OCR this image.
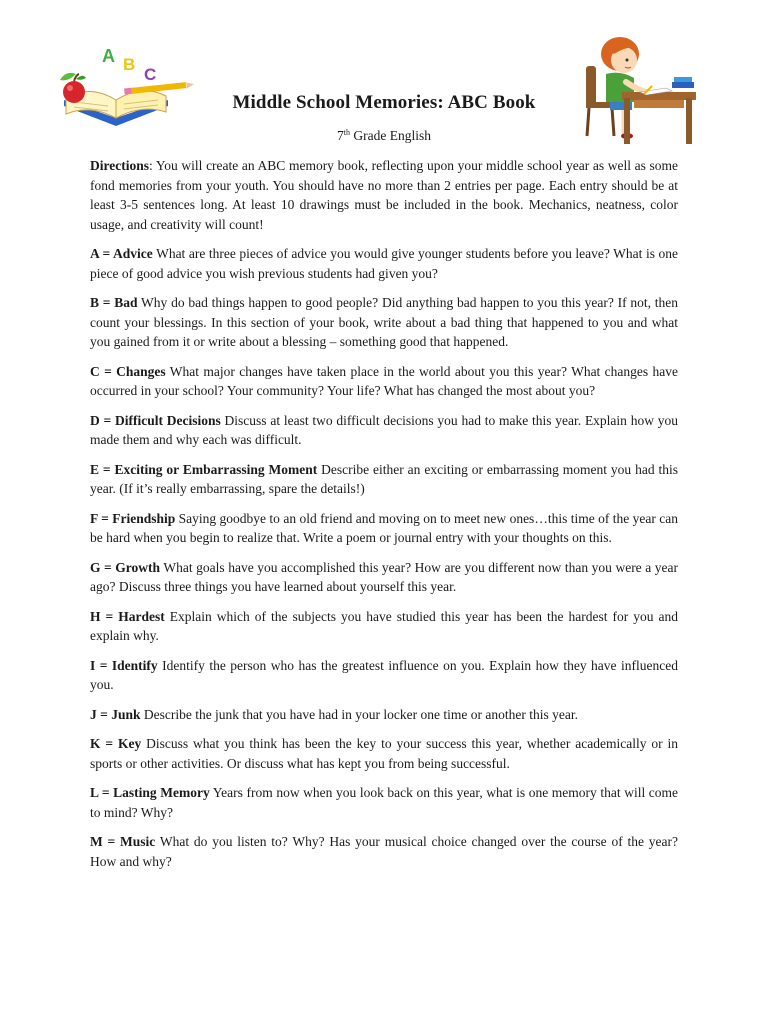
A B
C
Middle School Memories: ABC Book
7th Grade English

Directions: You will create an ABC memory book, reflecting upon your middle school year as well as some fond memories from your youth. You should have no more than 2 entries per page. Each entry should be at least 3-5 sentences long. At least 10 drawings must be included in the book. Mechanics, neatness, color usage, and creativity will count!

A = Advice What are three pieces of advice you would give younger students before you leave? What is one piece of good advice you wish previous students had given you?

B = Bad Why do bad things happen to good people? Did anything bad happen to you this year? If not, then count your blessings. In this section of your book, write about a bad thing that happened to you and what you gained from it or write about a blessing – something good that happened.

C = Changes What major changes have taken place in the world about you this year? What changes have occurred in your school? Your community? Your life? What has changed the most about you?

D = Difficult Decisions Discuss at least two difficult decisions you had to make this year. Explain how you made them and why each was difficult.

E = Exciting or Embarrassing Moment Describe either an exciting or embarrassing moment you had this year. (If it’s really embarrassing, spare the details!)

F = Friendship Saying goodbye to an old friend and moving on to meet new ones…this time of the year can be hard when you begin to realize that. Write a poem or journal entry with your thoughts on this.

G = Growth What goals have you accomplished this year? How are you different now than you were a year ago? Discuss three things you have learned about yourself this year.

H = Hardest Explain which of the subjects you have studied this year has been the hardest for you and explain why.

I = Identify Identify the person who has the greatest influence on you. Explain how they have influenced you.

J = Junk Describe the junk that you have had in your locker one time or another this year.

K = Key Discuss what you think has been the key to your success this year, whether academically or in sports or other activities. Or discuss what has kept you from being successful.

L = Lasting Memory Years from now when you look back on this year, what is one memory that will come to mind? Why?

M = Music What do you listen to? Why? Has your musical choice changed over the course of the year? How and why?
